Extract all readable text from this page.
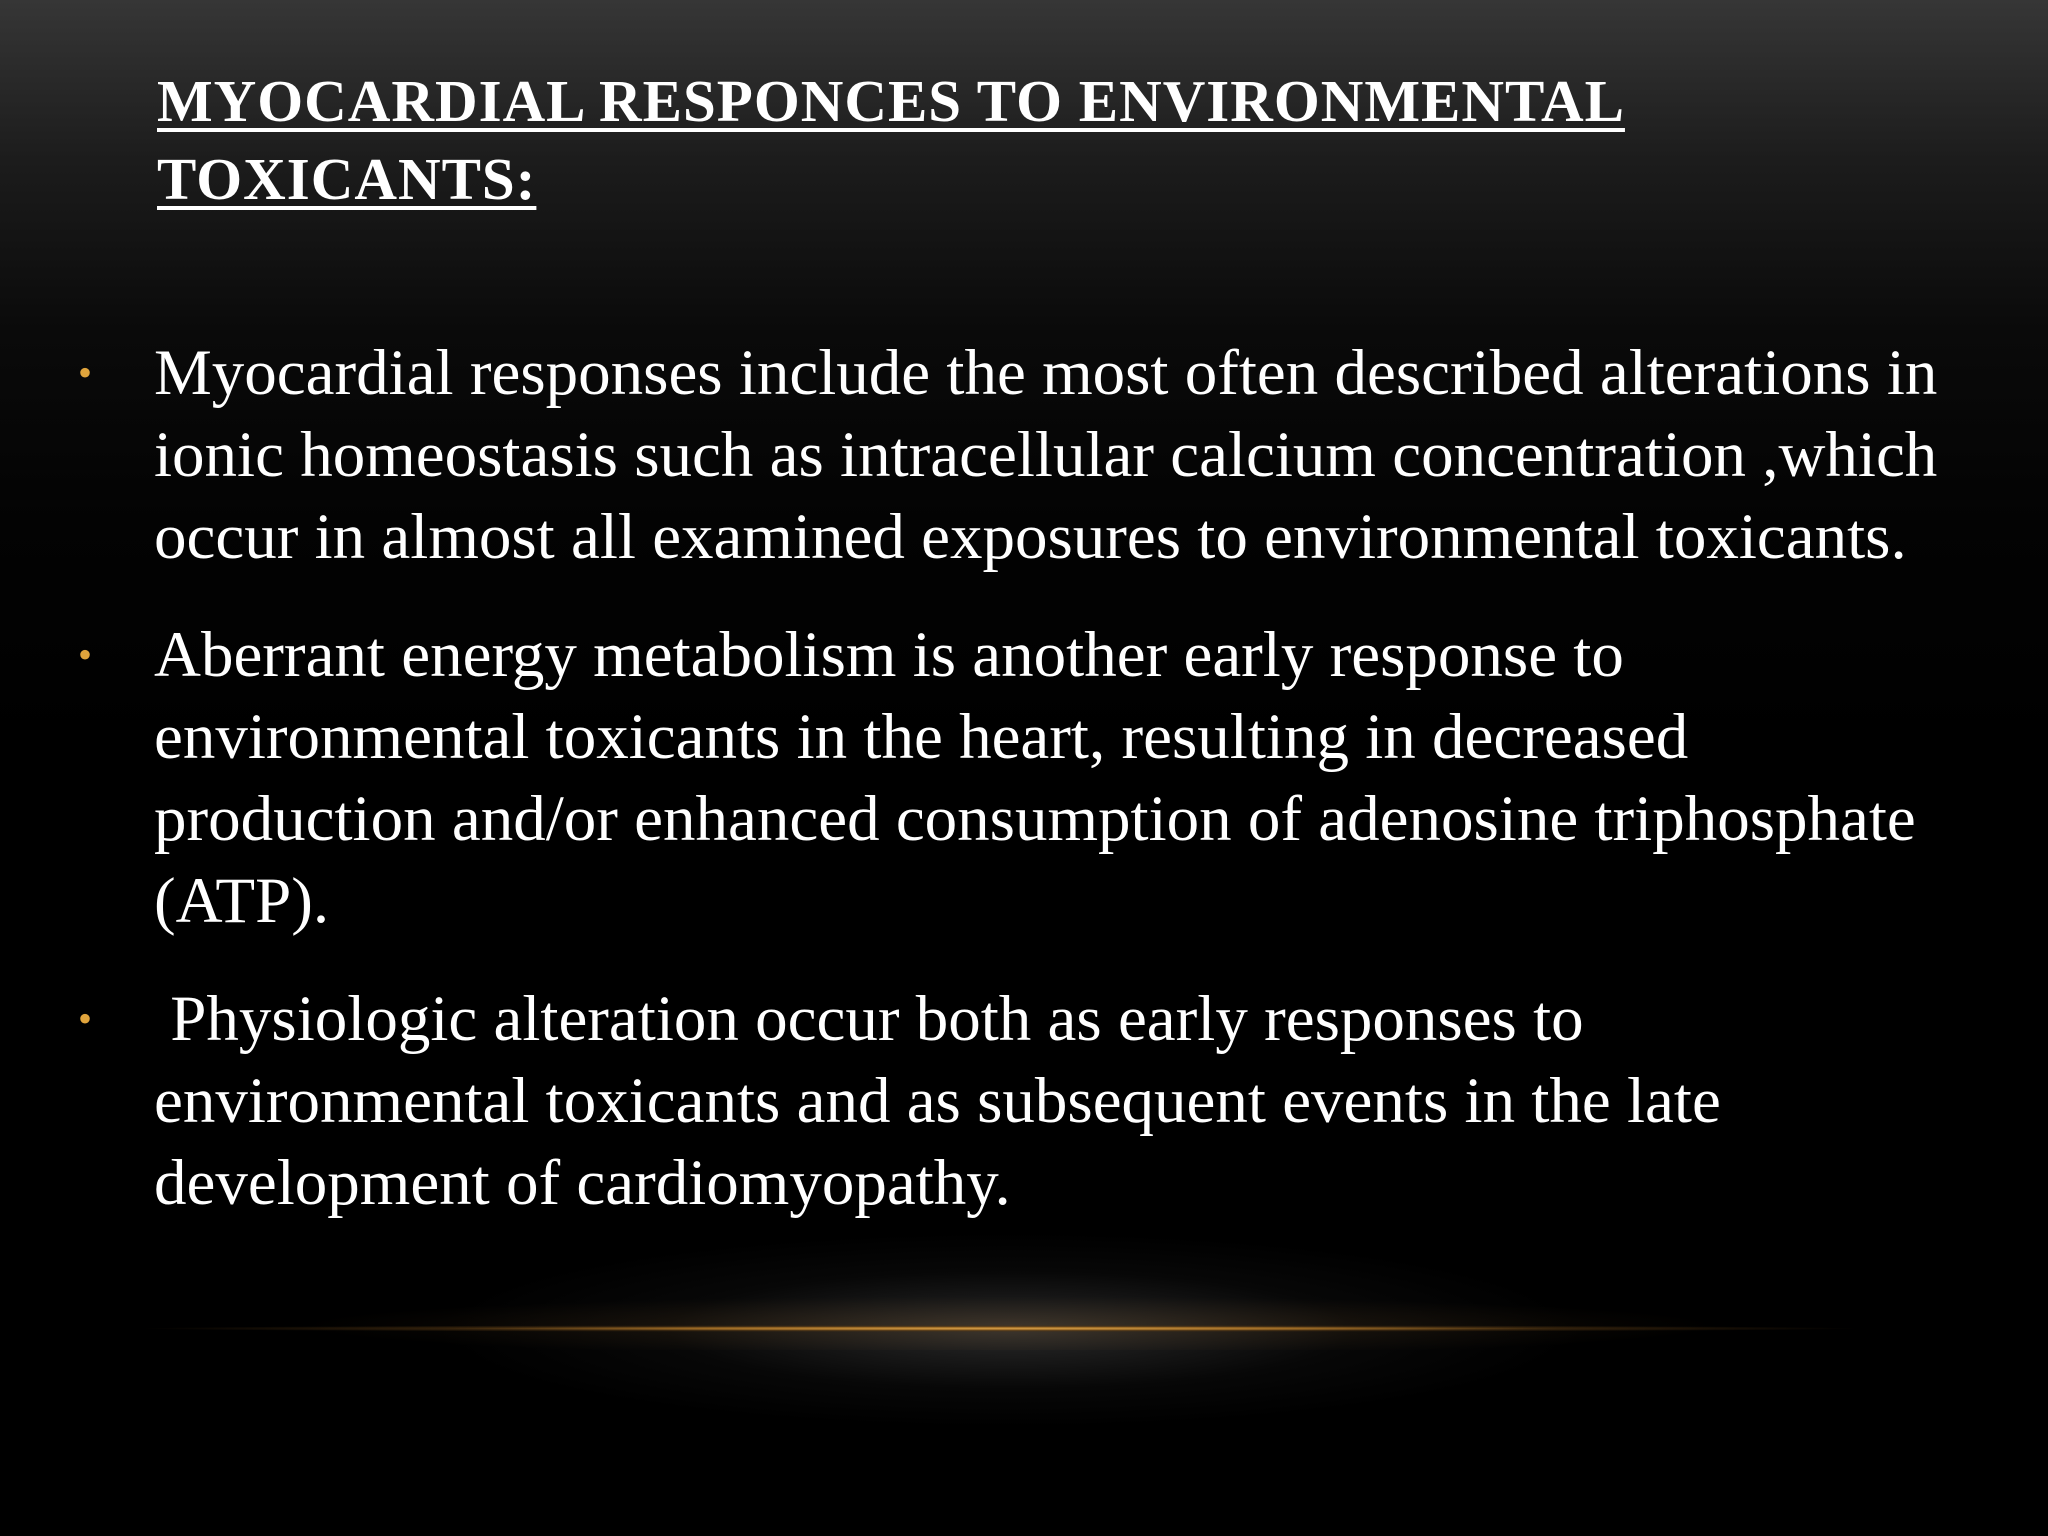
MYOCARDIAL RESPONCES TO ENVIRONMENTAL TOXICANTS:
• Myocardial responses include the most often described alterations in ionic homeostasis such as intracellular calcium concentration ,which occur in almost all examined exposures to environmental toxicants.
• Aberrant energy metabolism is another early response to environmental toxicants in the heart, resulting in decreased production and/or enhanced consumption of adenosine triphosphate (ATP).
• Physiologic alteration occur both as early responses to environmental toxicants and as subsequent events in the late development of cardiomyopathy.
